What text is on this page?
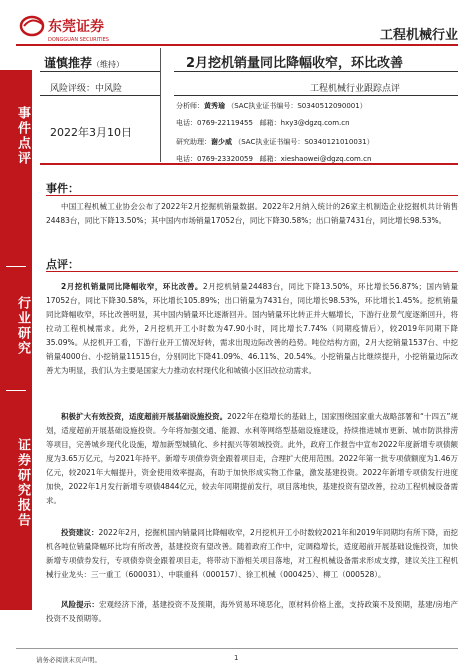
东莞证券
DONGGUAN SECURITIES	工程机械行业
事件点评
行业研究
证券研究报告
谨慎推荐（维持）	2月挖机销量同比降幅收窄，环比改善
风险评级：中风险	工程机械行业跟踪点评
2022年3月10日
分析师：黄秀瑜 （SAC执业证书编号：S0340512090001）
电话：0769-22119455 邮箱：hxy3@dgzq.com.cn
研究助理：谢少威 （SAC执业证书编号：S0340121010031）
电话：0769-23320059 邮箱：xieshaowei@dgzq.com.cn
事件：

中国工程机械工业协会公布了2022年2月挖掘机销量数据。2022年2月纳入统计的26家主机制造企业挖掘机共计销售24483台，同比下降13.50%；其中国内市场销量17052台，同比下降30.58%；出口销量7431台，同比增长98.53%。

点评：

2月挖机销量同比降幅收窄，环比改善。2月挖机销量24483台，同比下降13.50%，环比增长56.87%；国内销量17052台，同比下降30.58%，环比增长105.89%；出口销量为7431台，同比增长98.53%，环比增长1.45%。挖机销量同比降幅收窄，环比改善明显，其中国内销量环比逐渐回升。国内销量环比转正并大幅增长，下游行业景气度逐渐回升，将拉动工程机械需求。此外，2月挖机开工小时数为47.90小时，同比增长7.74%（同期疫情后），较2019年同期下降35.09%。从挖机开工看，下游行业开工情况好转，需求出现边际改善的趋势。吨位结构方面，2月大挖销量1537台、中挖销量4000台、小挖销量11515台，分别同比下降41.09%、46.11%、20.54%。小挖销量占比继续提升，小挖销量边际改善尤为明显，我们认为主要是国家大力推动农村现代化和城镇小区旧改拉动需求。

积极扩大有效投资，适度超前开展基础设施投资。2022年在稳增长的基础上，国家围绕国家重大战略部署和“十四五”规划，适度超前开展基础设施投资。今年将加强交通、能源、水利等网络型基础设施建设，持续推进城市更新、城市防洪排涝等项目，完善城乡现代化设施，增加新型城镇化、乡村振兴等领域投资。此外，政府工作报告中宣布2022年度新增专项债额度为3.65万亿元，与2021年持平。新增专项债券资金跟着项目走，合理扩大使用范围。2022年第一批专项债额度为1.46万亿元，较2021年大幅提升，资金使用效率提高，有助于加快形成实物工作量，激发基建投资。2022年新增专项债发行进度加快，2022年1月发行新增专项债4844亿元，较去年同期提前发行，项目落地快，基建投资有望改善，拉动工程机械设备需求。

投资建议：2022年2月，挖掘机国内销量同比降幅收窄，2月挖机开工小时数较2021年和2019年同期均有所下降，而挖机各吨位销量降幅环比均有所改善，基建投资有望改善。随着政府工作中，定调稳增长，适度超前开展基础设施投资，加快新增专项债券发行，专项债券资金跟着项目走，将带动下游相关项目落地，对工程机械设备需求形成支撑，建议关注工程机械行业龙头：三一重工（600031）、中联重科（000157）、徐工机械（000425）、柳工（000528）。

风险提示：宏观经济下滑，基建投资不及预期，海外贸易环境恶化，原材料价格上涨，支持政策不及预期，基建/房地产投资不及预期等。

请务必阅读末页声明。	1
